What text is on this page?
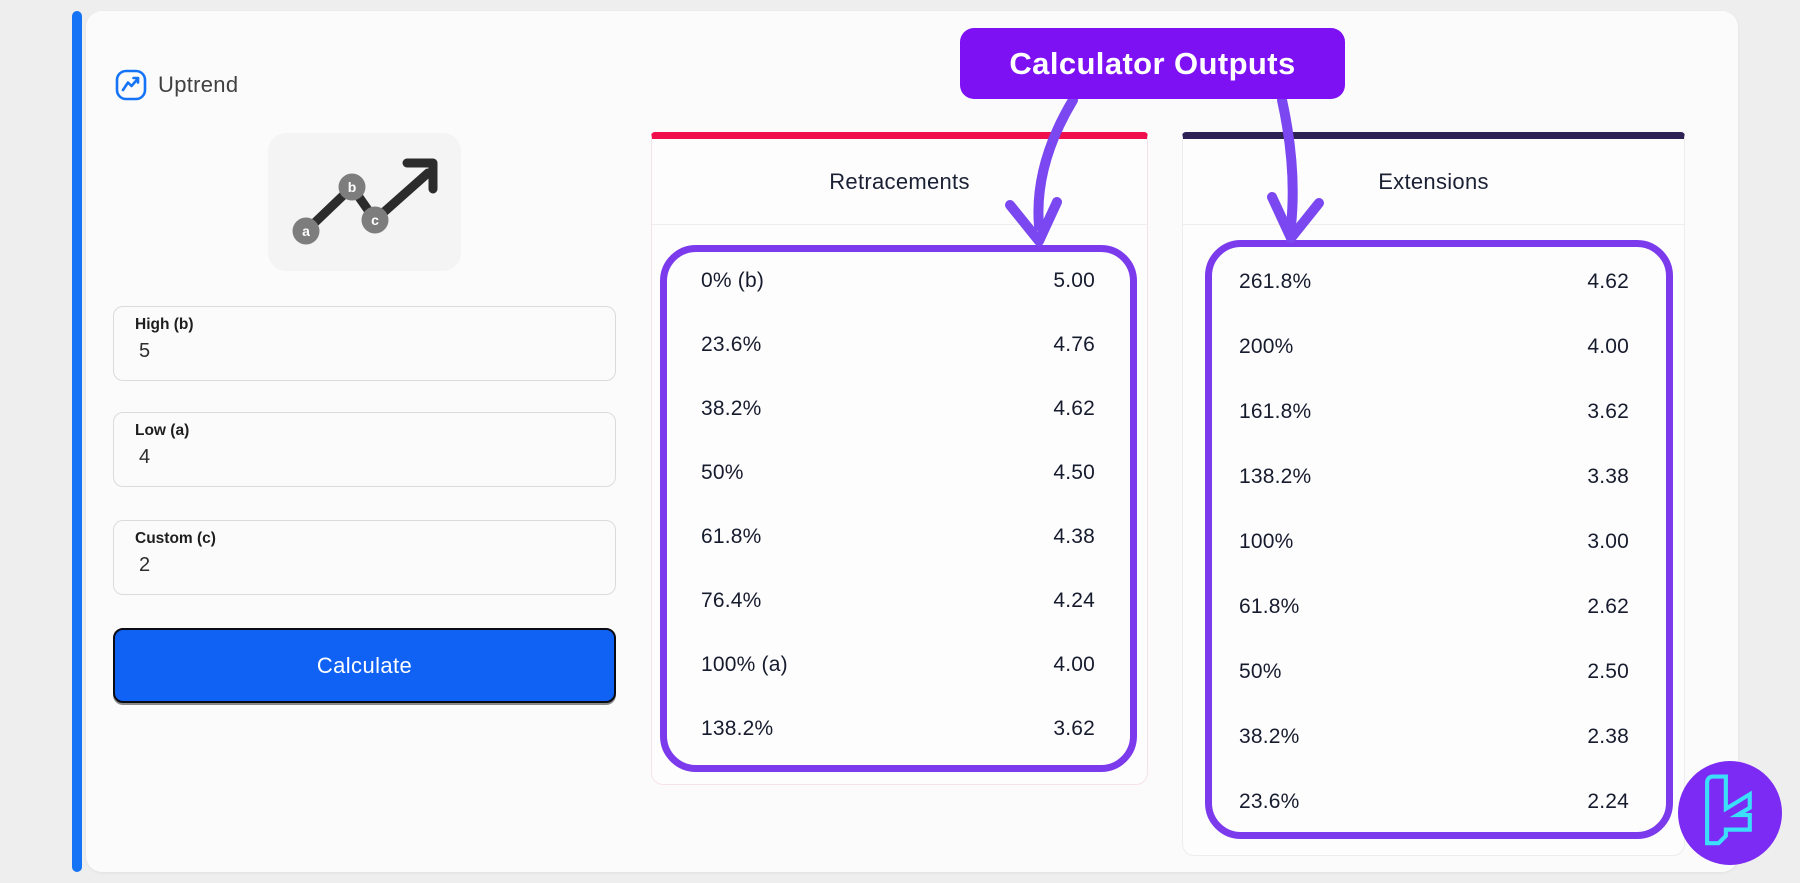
Uptrend
a
b
c
High (b)
5
Low (a)
4
Custom (c)
2
Calculate
Retracements
0% (b)	5.00
23.6%	4.76
38.2%	4.62
50%	4.50
61.8%	4.38
76.4%	4.24
100% (a)	4.00
138.2%	3.62
Extensions
261.8%	4.62
200%	4.00
161.8%	3.62
138.2%	3.38
100%	3.00
61.8%	2.62
50%	2.50
38.2%	2.38
23.6%	2.24
Calculator Outputs
